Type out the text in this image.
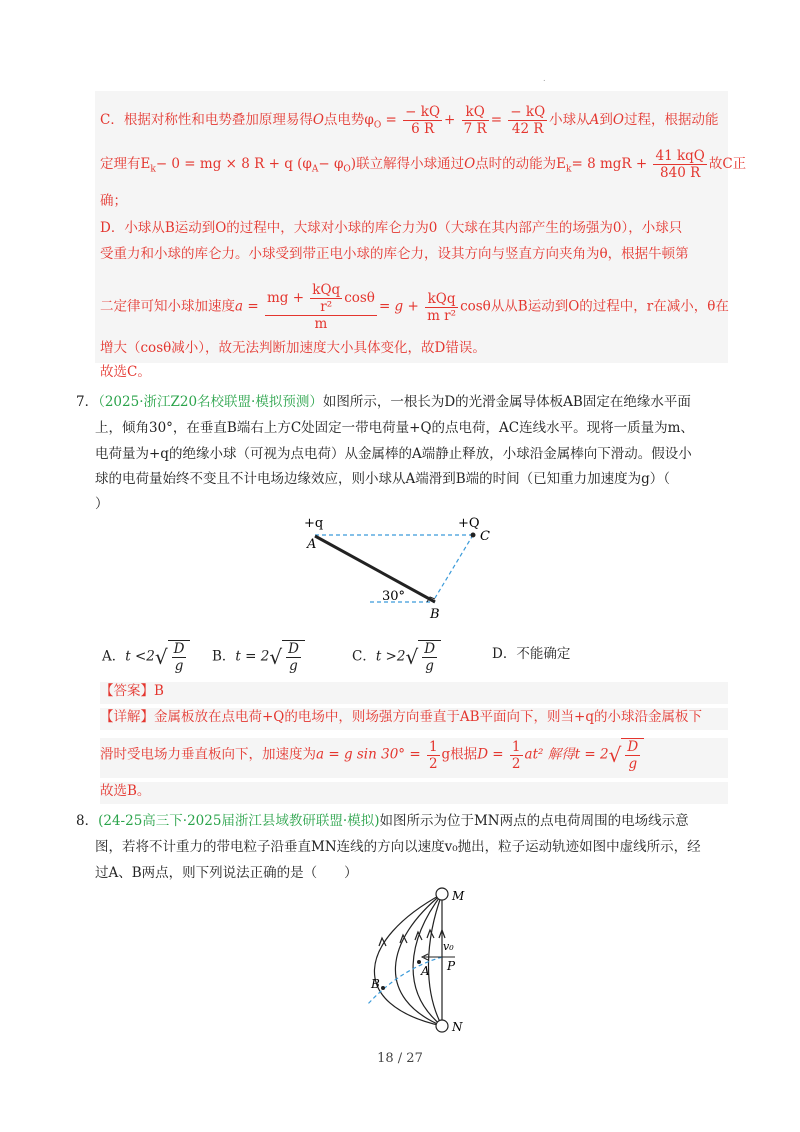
.
C．根据对称性和电势叠加原理易得O点电势$\varphi_O = \frac{- kQ}{6 R} + \frac{kQ}{7 R} = \frac{- kQ}{42 R}$ 小球从A到O过程，根据动能
定理有$E_k- 0$ = mg × 8 R + q $(\varphi_A- \varphi_O)$联立解得小球通过O点时的动能为$E_k= 8$ mgR + $\frac{\text{41 kqQ}}{840 R}$ 故C正
确；
D．小球从B运动到O的过程中，大球对小球的库仑力为0（大球在其内部产生的场强为0），小球只
受重力和小球的库仑力。小球受到带正电小球的库仑力，设其方向与竖直方向夹角为θ，根据牛顿第
二定律可知小球加速度$a = \frac{mg + \frac{\text{kQq}}{\text{r²}} \cos\theta}{m} = g + \frac{\text{kQq}}{\text{m r²}}$ cosθ从从B运动到O的过程中，r在减小，θ在
增大（cosθ减小），故无法判断加速度大小具体变化，故D错误。
故选C。
7．（2025·浙江Z20名校联盟·模拟预测）如图所示，一根长为D的光滑金属导体板AB固定在绝缘水平面
上，倾角30°，在垂直B端右上方C处固定一带电荷量+Q的点电荷，AC连线水平。现将一质量为m、
电荷量为+q的绝缘小球（可视为点电荷）从金属棒的A端静止释放，小球沿金属棒向下滑动。假设小
球的电荷量始终不变且不计电场边缘效应，则小球从A端滑到B端的时间（已知重力加速度为g）（
）
+q
A
+Q
C
30°
B
A．$t <2√ \frac{D}{g}$ B．$t = 2√ \frac{D}{g}$	C．$t >2√ \frac{D}{g}$	D．不能确定
【答案】B
【详解】金属板放在点电荷+Q的电场中，则场强方向垂直于AB平面向下，则当+q的小球沿金属板下
滑时受电场力垂直板向下，加速度为a = g $\sin 30^\circ = \frac{1}{2}$ g根据$D = \frac{1}{2} at^2$ 解得$t = 2√ \frac{D}{g}$
故选B。
8．(24-25高三下·2025届浙江县域教研联盟·模拟)如图所示为位于MN两点的点电荷周围的电场线示意
图，若将不计重力的带电粒子沿垂直MN连线的方向以速度v₀抛出，粒子运动轨迹如图中虚线所示，经
过A、B两点，则下列说法正确的是（　　）
M
N
A
B
P
v₀
18 / 27
